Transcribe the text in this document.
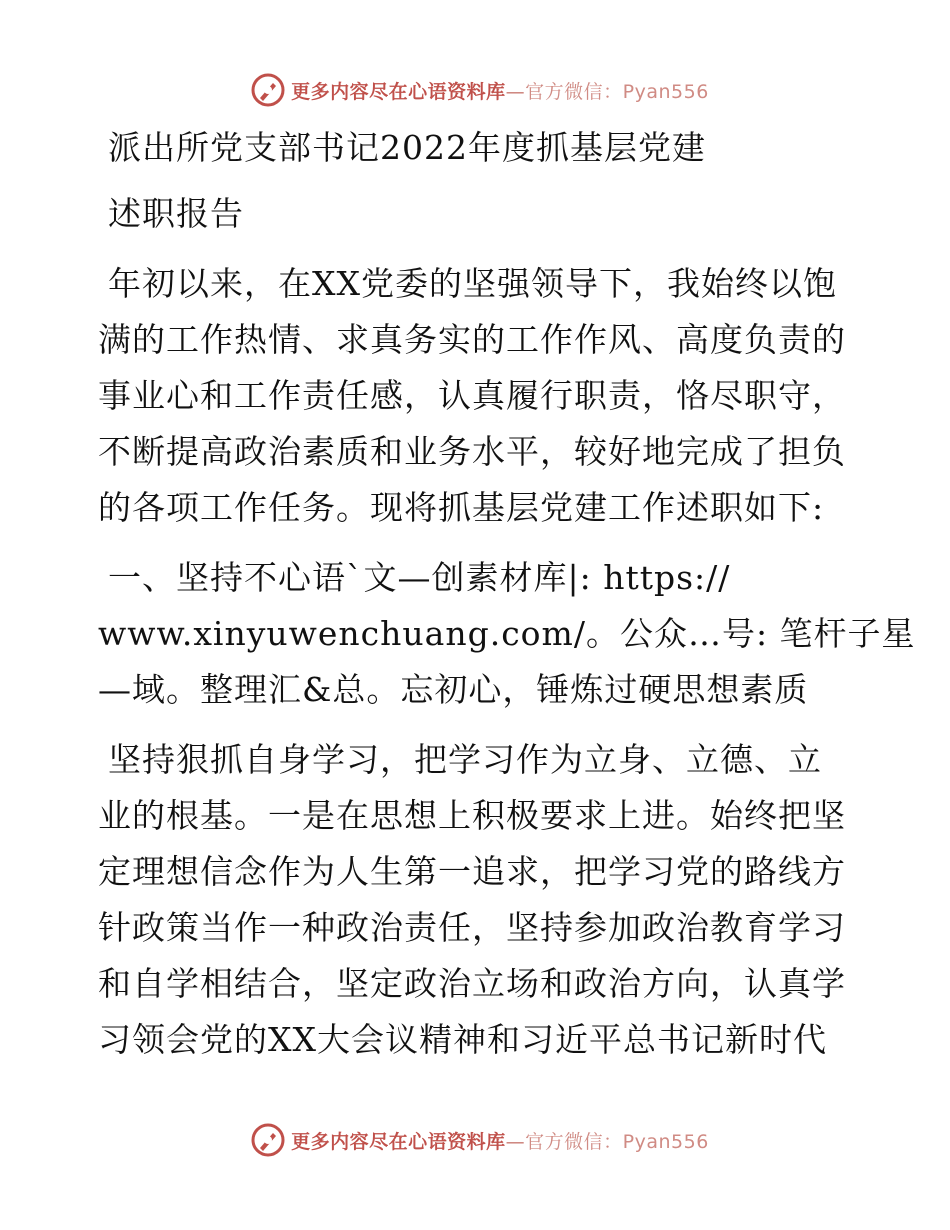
更多内容尽在心语资料库—官方微信：Pyan556
派出所党支部书记2022年度抓基层党建
述职报告
年初以来，在XX党委的坚强领导下，我始终以饱
满的工作热情、求真务实的工作作风、高度负责的
事业心和工作责任感，认真履行职责，恪尽职守，
不断提高政治素质和业务水平，较好地完成了担负
的各项工作任务。现将抓基层党建工作述职如下:
一、坚持不心语`文—创素材库|: https://
www.xinyuwenchuang.com/。公众…号: 笔杆子星
—域。整理汇&总。忘初心，锤炼过硬思想素质
坚持狠抓自身学习，把学习作为立身、立德、立
业的根基。一是在思想上积极要求上进。始终把坚
定理想信念作为人生第一追求，把学习党的路线方
针政策当作一种政治责任，坚持参加政治教育学习
和自学相结合，坚定政治立场和政治方向，认真学
习领会党的XX大会议精神和习近平总书记新时代
更多内容尽在心语资料库—官方微信：Pyan556
